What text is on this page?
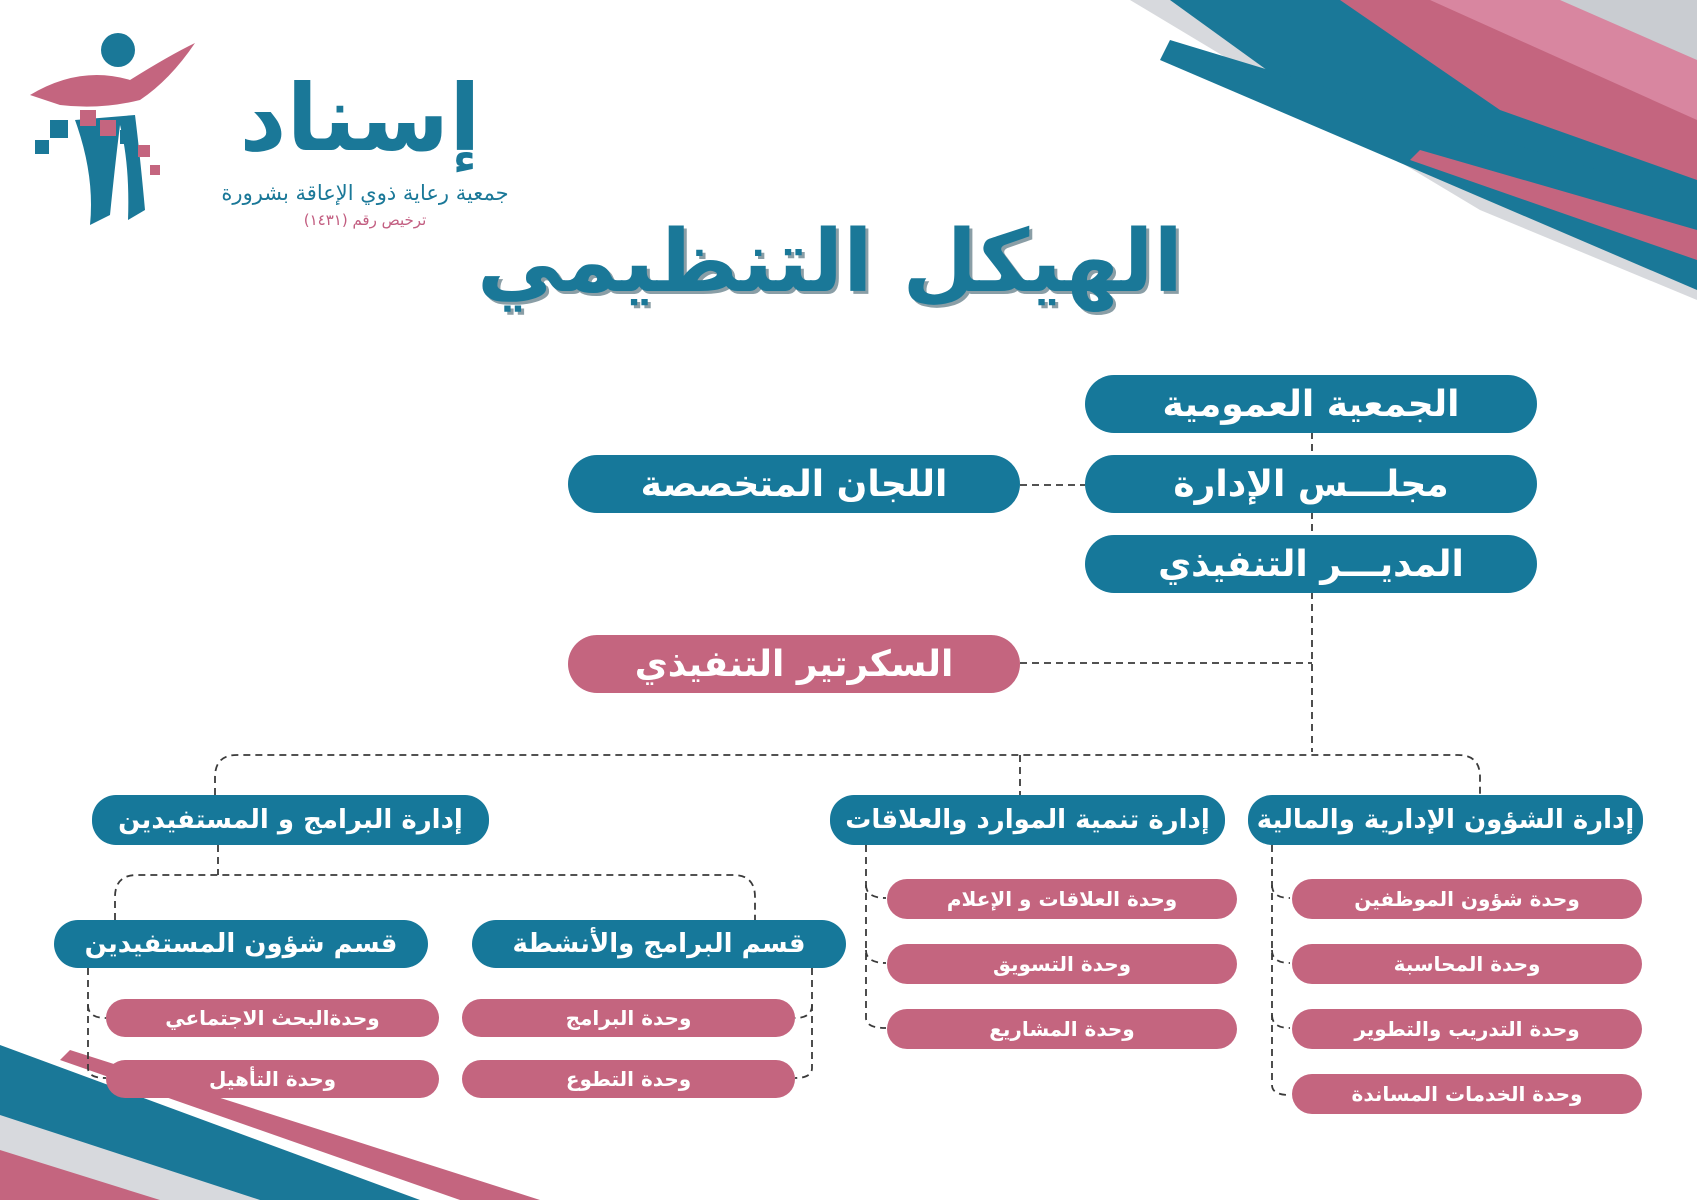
إسناد
جمعية رعاية ذوي الإعاقة بشرورة
ترخيص رقم (١٤٣١) الهيكل التنظيمي
الجمعية العمومية
مجلـــس الإدارة
اللجان المتخصصة
المديـــر التنفيذي
السكرتير التنفيذي
إدارة الشؤون الإدارية والمالية
إدارة تنمية الموارد والعلاقات
إدارة البرامج و المستفيدين
وحدة شؤون الموظفين
وحدة المحاسبة
وحدة التدريب والتطوير
وحدة الخدمات المساندة
وحدة العلاقات و الإعلام
وحدة التسويق
وحدة المشاريع
قسم البرامج والأنشطة
قسم شؤون المستفيدين
وحدة البرامج
وحدة التطوع
وحدةالبحث الاجتماعي
وحدة التأهيل
